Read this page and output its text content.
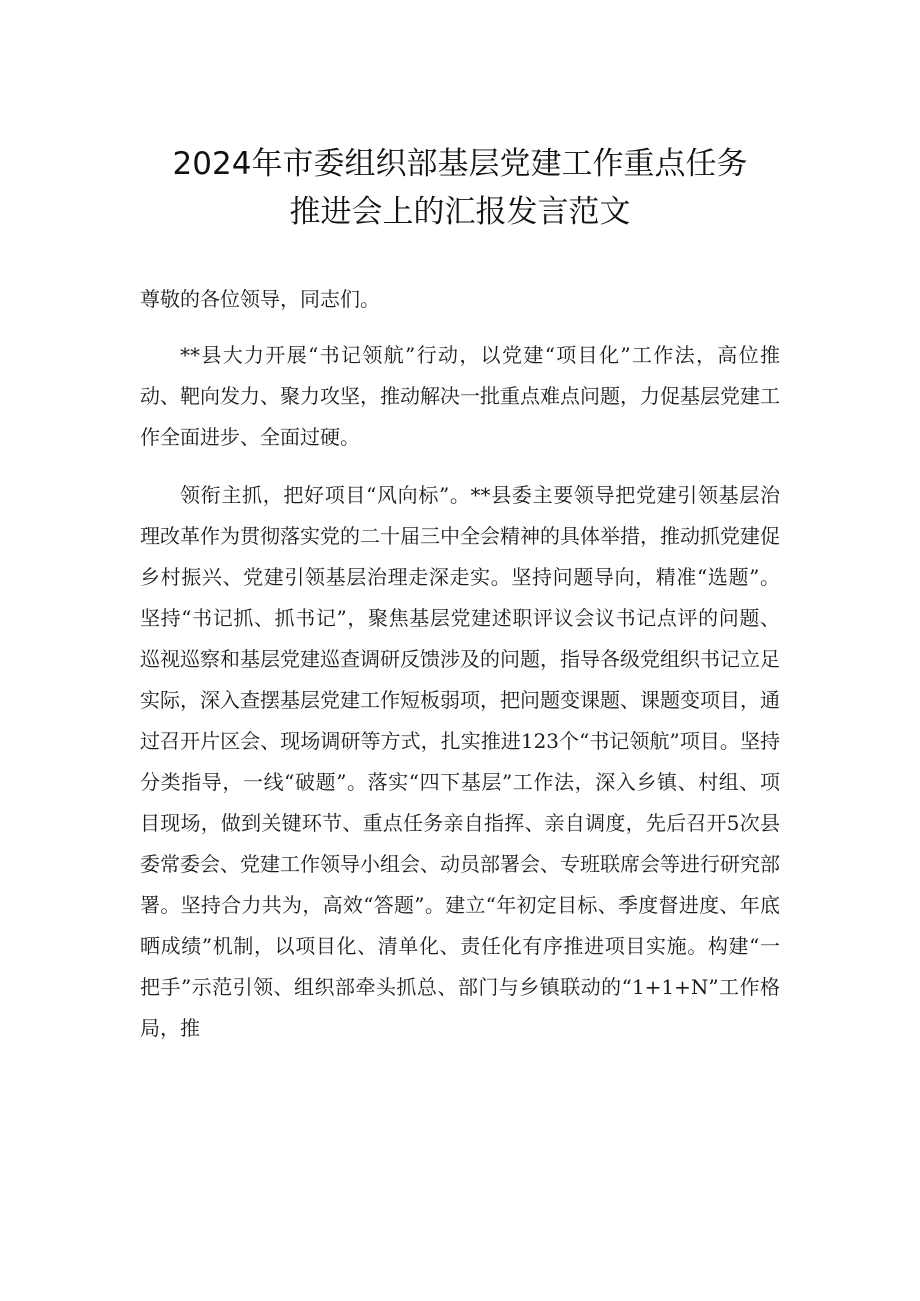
2024年市委组织部基层党建工作重点任务
推进会上的汇报发言范文

尊敬的各位领导，同志们。

**县大力开展“书记领航”行动，以党建“项目化”工作法，高位推动、靶向发力、聚力攻坚，推动解决一批重点难点问题，力促基层党建工作全面进步、全面过硬。

领衔主抓，把好项目“风向标”。**县委主要领导把党建引领基层治理改革作为贯彻落实党的二十届三中全会精神的具体举措，推动抓党建促乡村振兴、党建引领基层治理走深走实。坚持问题导向，精准“选题”。坚持“书记抓、抓书记”，聚焦基层党建述职评议会议书记点评的问题、巡视巡察和基层党建巡查调研反馈涉及的问题，指导各级党组织书记立足实际，深入查摆基层党建工作短板弱项，把问题变课题、课题变项目，通过召开片区会、现场调研等方式，扎实推进123个“书记领航”项目。坚持分类指导，一线“破题”。落实“四下基层”工作法，深入乡镇、村组、项目现场，做到关键环节、重点任务亲自指挥、亲自调度，先后召开5次县委常委会、党建工作领导小组会、动员部署会、专班联席会等进行研究部署。坚持合力共为，高效“答题”。建立“年初定目标、季度督进度、年底晒成绩”机制，以项目化、清单化、责任化有序推进项目实施。构建“一把手”示范引领、组织部牵头抓总、部门与乡镇联动的“1+1+N”工作格局，推
